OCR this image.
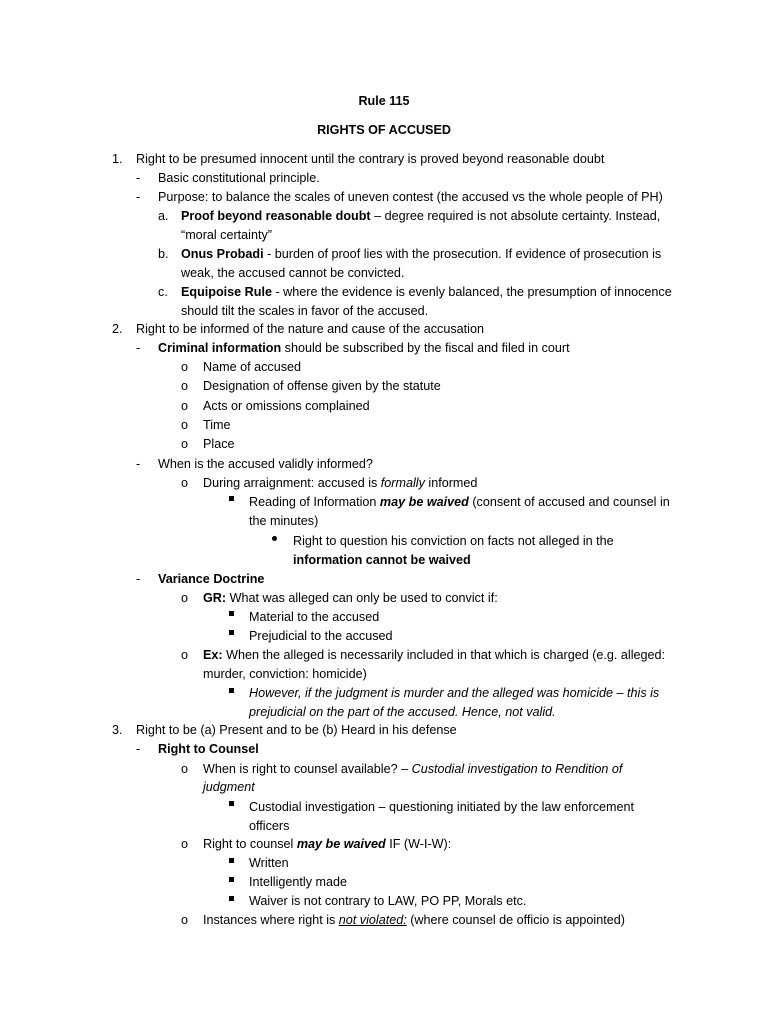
Rule 115
RIGHTS OF ACCUSED
1. Right to be presumed innocent until the contrary is proved beyond reasonable doubt
- Basic constitutional principle.
- Purpose: to balance the scales of uneven contest (the accused vs the whole people of PH)
a. Proof beyond reasonable doubt – degree required is not absolute certainty. Instead,
“moral certainty”
b. Onus Probadi - burden of proof lies with the prosecution. If evidence of prosecution is
weak, the accused cannot be convicted.
c. Equipoise Rule - where the evidence is evenly balanced, the presumption of innocence
should tilt the scales in favor of the accused.
2. Right to be informed of the nature and cause of the accusation
- Criminal information should be subscribed by the fiscal and filed in court
o Name of accused
o Designation of offense given by the statute
o Acts or omissions complained
o Time
o Place
- When is the accused validly informed?
o During arraignment: accused is formally informed
Reading of Information may be waived (consent of accused and counsel in
the minutes)
Right to question his conviction on facts not alleged in the
information cannot be waived
- Variance Doctrine
o GR: What was alleged can only be used to convict if:
Material to the accused
Prejudicial to the accused
o Ex: When the alleged is necessarily included in that which is charged (e.g. alleged:
murder, conviction: homicide)
However, if the judgment is murder and the alleged was homicide – this is
prejudicial on the part of the accused. Hence, not valid.
3. Right to be (a) Present and to be (b) Heard in his defense
- Right to Counsel
o When is right to counsel available? – Custodial investigation to Rendition of
judgment
Custodial investigation – questioning initiated by the law enforcement
officers
o Right to counsel may be waived IF (W-I-W):
Written
Intelligently made
Waiver is not contrary to LAW, PO PP, Morals etc.
o Instances where right is not violated: (where counsel de officio is appointed)
